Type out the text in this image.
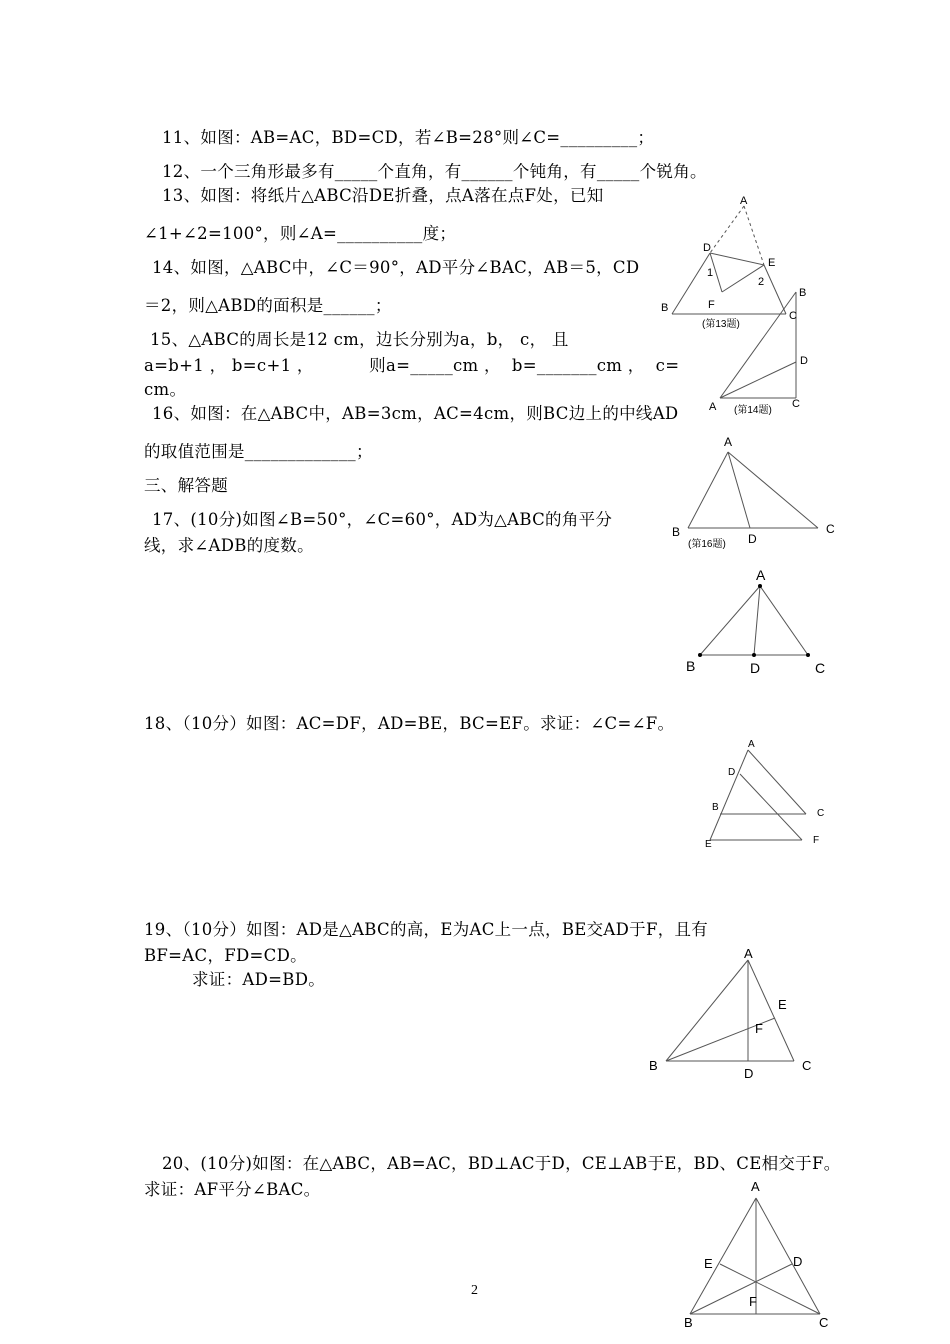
11、如图：AB=AC，BD=CD，若∠B=28°则∠C=_________；
12、一个三角形最多有_____个直角，有______个钝角，有_____个锐角。
13、如图：将纸片△ABC沿DE折叠，点A落在点F处，已知
∠1+∠2=100°，则∠A=__________度；
14、如图，△ABC中，∠C＝90°，AD平分∠BAC，AB＝5，CD
＝2，则△ABD的面积是______；
15、△ABC的周长是12 cm，边长分别为a，b， c， 且
a=b+1 ， b=c+1 ，          则a=_____cm ，  b=_______cm ，  c=
cm。
16、如图：在△ABC中，AB=3cm，AC=4cm，则BC边上的中线AD
的取值范围是_____________；
三、解答题
17、(10分)如图∠B=50°，∠C=60°，AD为△ABC的角平分
线，求∠ADB的度数。
18、（10分）如图：AC=DF，AD=BE，BC=EF。求证：∠C=∠F。
19、（10分）如图：AD是△ABC的高，E为AC上一点，BE交AD于F，且有
BF=AC，FD=CD。
求证：AD=BD。
20、(10分)如图：在△ABC，AB=AC，BD⊥AC于D，CE⊥AB于E，BD、CE相交于F。
求证：AF平分∠BAC。
A
D
E
1
2
F
B
C
(第13题)
B
D
A	C
(第14题)
A
B	D
C
(第16题)
A
B	D	C
A
D
B
C
E	F
A
E
F
B
D
C
A
E	D
F
B	C
2
